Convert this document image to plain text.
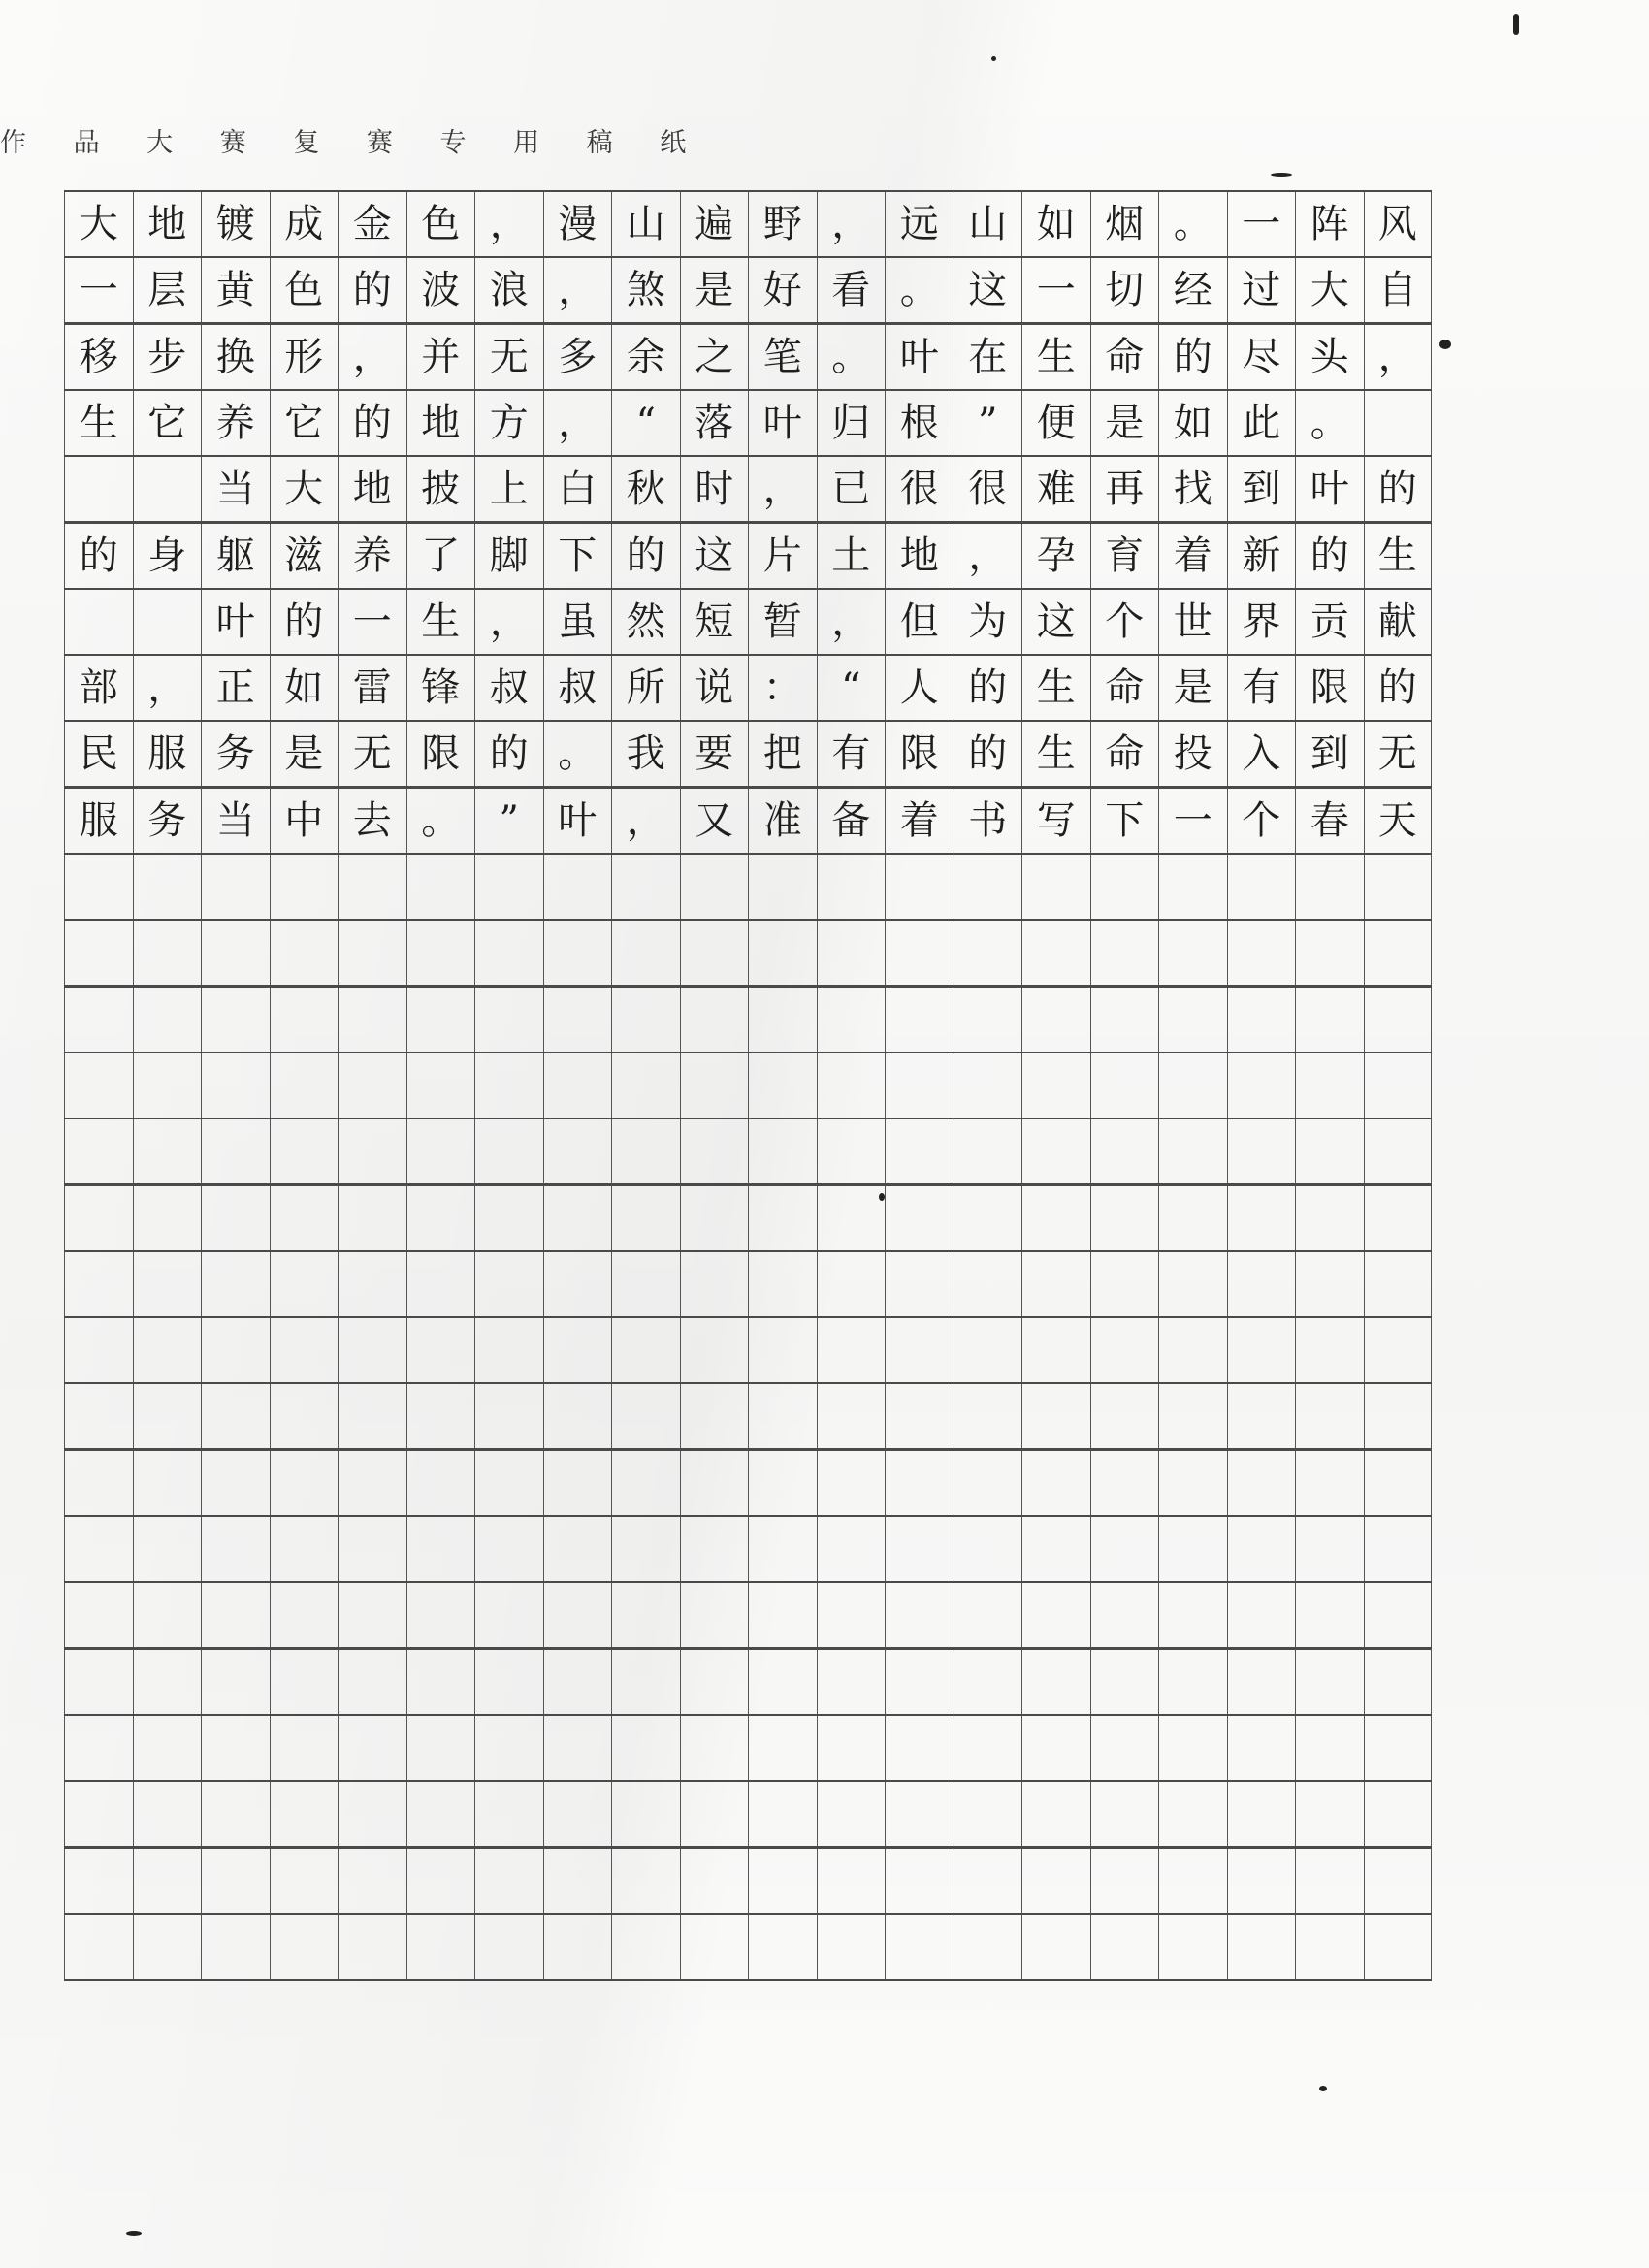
作 品 大 赛 复 赛 专 用 稿 纸
大 地 镀 成 金 色 ， 漫 山 遍 野 ， 远 山 如 烟 。 一 阵 风
一 层 黄 色 的 波 浪 ， 煞 是 好 看 。 这 一 切 经 过 大 自
移 步 换 形 ， 并 无 多 余 之 笔 。 叶 在 生 命 的 尽 头 ，
生 它 养 它 的 地 方 ，	“	落 叶 归 根	”	便 是 如 此 。
当 大 地 披 上 白 秋 时 ， 已 很 很 难 再 找 到 叶 的
的 身 躯 滋 养 了 脚 下 的 这 片 土 地 ， 孕 育 着 新 的 生
叶 的 一 生 ， 虽 然 短 暂 ， 但 为 这 个 世 界 贡 献
部 ， 正 如 雷 锋 叔 叔 所 说 ：	“	人 的 生 命 是 有 限 的
民 服 务 是 无 限 的 。 我 要 把 有 限 的 生 命 投 入 到 无
服 务 当 中 去 。	”	叶 ， 又 准 备 着 书 写 下 一 个 春 天
